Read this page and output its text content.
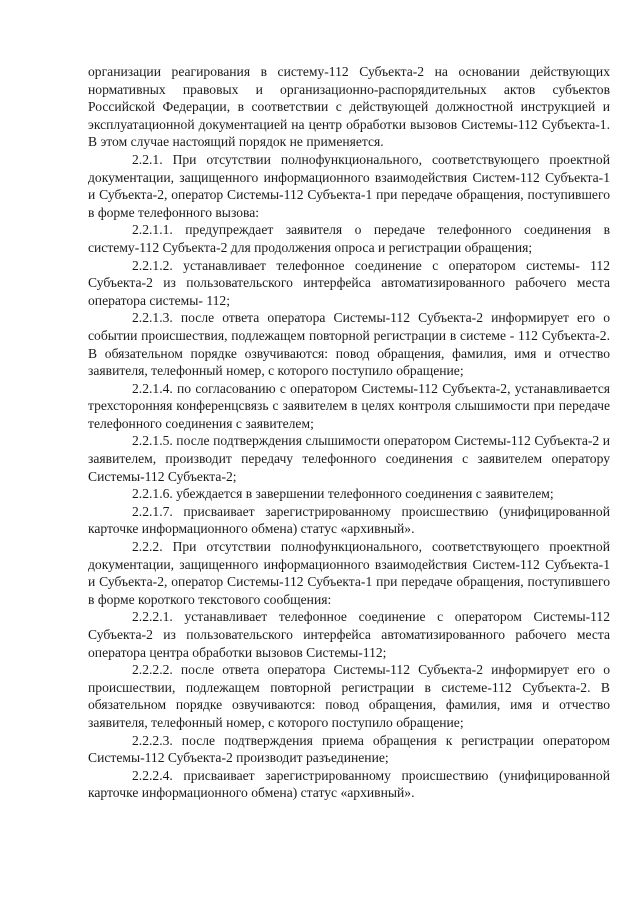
организации реагирования в систему-112 Субъекта-2 на основании действующих нормативных правовых и организационно-распорядительных актов субъектов Российской Федерации, в соответствии с действующей должностной инструкцией и эксплуатационной документацией на центр обработки вызовов Системы-112 Субъекта-1. В этом случае настоящий порядок не применяется.

2.2.1. При отсутствии полнофункционального, соответствующего проектной документации, защищенного информационного взаимодействия Систем-112 Субъекта-1 и Субъекта-2, оператор Системы-112 Субъекта-1 при передаче обращения, поступившего в форме телефонного вызова:

2.2.1.1. предупреждает заявителя о передаче телефонного соединения в систему-112 Субъекта-2 для продолжения опроса и регистрации обращения;

2.2.1.2. устанавливает телефонное соединение с оператором системы- 112 Субъекта-2 из пользовательского интерфейса автоматизированного рабочего места оператора системы- 112;

2.2.1.3. после ответа оператора Системы-112 Субъекта-2 информирует его о событии происшествия, подлежащем повторной регистрации в системе - 112 Субъекта-2. В обязательном порядке озвучиваются: повод обращения, фамилия, имя и отчество заявителя, телефонный номер, с которого поступило обращение;

2.2.1.4. по согласованию с оператором Системы-112 Субъекта-2, устанавливается трехсторонняя конференцсвязь с заявителем в целях контроля слышимости при передаче телефонного соединения с заявителем;

2.2.1.5. после подтверждения слышимости оператором Системы-112 Субъекта-2 и заявителем, производит передачу телефонного соединения с заявителем оператору Системы-112 Субъекта-2;

2.2.1.6. убеждается в завершении телефонного соединения с заявителем;

2.2.1.7. присваивает зарегистрированному происшествию (унифицированной карточке информационного обмена) статус «архивный».

2.2.2. При отсутствии полнофункционального, соответствующего проектной документации, защищенного информационного взаимодействия Систем-112 Субъекта-1 и Субъекта-2, оператор Системы-112 Субъекта-1 при передаче обращения, поступившего в форме короткого текстового сообщения:

2.2.2.1. устанавливает телефонное соединение с оператором Системы-112 Субъекта-2 из пользовательского интерфейса автоматизированного рабочего места оператора центра обработки вызовов Системы-112;

2.2.2.2. после ответа оператора Системы-112 Субъекта-2 информирует его о происшествии, подлежащем повторной регистрации в системе-112 Субъекта-2. В обязательном порядке озвучиваются: повод обращения, фамилия, имя и отчество заявителя, телефонный номер, с которого поступило обращение;

2.2.2.3. после подтверждения приема обращения к регистрации оператором Системы-112 Субъекта-2 производит разъединение;

2.2.2.4. присваивает зарегистрированному происшествию (унифицированной карточке информационного обмена) статус «архивный».
